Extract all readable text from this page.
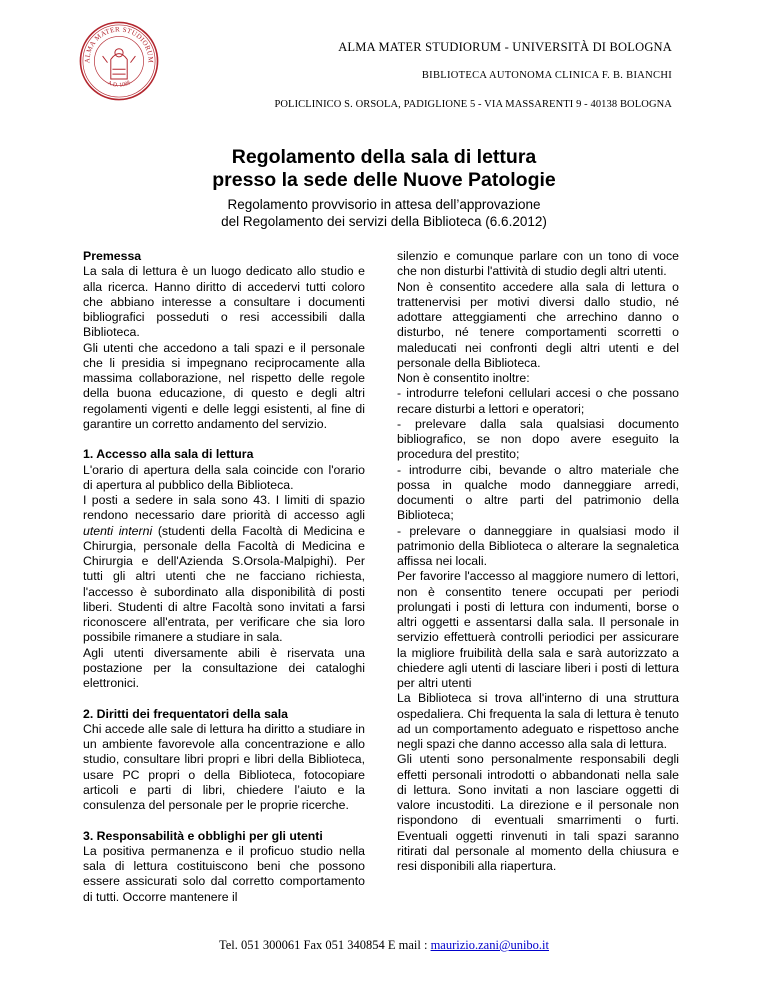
ALMA MATER STUDIORUM
A.D. 1088
ALMA MATER STUDIORUM - UNIVERSITÀ DI BOLOGNA
BIBLIOTECA AUTONOMA CLINICA F. B. BIANCHI
POLICLINICO S. ORSOLA, PADIGLIONE 5 - VIA MASSARENTI 9 - 40138 BOLOGNA
Regolamento della sala di lettura
presso la sede delle Nuove Patologie
Regolamento provvisorio in attesa dell’approvazione
del Regolamento dei servizi della Biblioteca (6.6.2012)

Premessa

La sala di lettura è un luogo dedicato allo studio e alla ricerca. Hanno diritto di accedervi tutti coloro che abbiano interesse a consultare i documenti bibliografici posseduti o resi accessibili dalla Biblioteca.

Gli utenti che accedono a tali spazi e il personale che li presidia si impegnano reciprocamente alla massima collaborazione, nel rispetto delle regole della buona educazione, di questo e degli altri regolamenti vigenti e delle leggi esistenti, al fine di garantire un corretto andamento del servizio.

1. Accesso alla sala di lettura

L'orario di apertura della sala coincide con l'orario di apertura al pubblico della Biblioteca.

I posti a sedere in sala sono 43. I limiti di spazio rendono necessario dare priorità di accesso agli utenti interni (studenti della Facoltà di Medicina e Chirurgia, personale della Facoltà di Medicina e Chirurgia e dell'Azienda S.Orsola-Malpighi). Per tutti gli altri utenti che ne facciano richiesta, l'accesso è subordinato alla disponibilità di posti liberi. Studenti di altre Facoltà sono invitati a farsi riconoscere all'entrata, per verificare che sia loro possibile rimanere a studiare in sala.

Agli utenti diversamente abili è riservata una postazione per la consultazione dei cataloghi elettronici.

2. Diritti dei frequentatori della sala

Chi accede alle sale di lettura ha diritto a studiare in un ambiente favorevole alla concentrazione e allo studio, consultare libri propri e libri della Biblioteca, usare PC propri o della Biblioteca, fotocopiare articoli e parti di libri, chiedere l’aiuto e la consulenza del personale per le proprie ricerche.

3. Responsabilità e obblighi per gli utenti

La positiva permanenza e il proficuo studio nella sala di lettura costituiscono beni che possono essere assicurati solo dal corretto comportamento di tutti. Occorre mantenere il

silenzio e comunque parlare con un tono di voce che non disturbi l'attività di studio degli altri utenti.

Non è consentito accedere alla sala di lettura o trattenervisi per motivi diversi dallo studio, né adottare atteggiamenti che arrechino danno o disturbo, né tenere comportamenti scorretti o maleducati nei confronti degli altri utenti e del personale della Biblioteca.

Non è consentito inoltre:

- introdurre telefoni cellulari accesi o che possano recare disturbi a lettori e operatori;

- prelevare dalla sala qualsiasi documento bibliografico, se non dopo avere eseguito la procedura del prestito;

- introdurre cibi, bevande o altro materiale che possa in qualche modo danneggiare arredi, documenti o altre parti del patrimonio della Biblioteca;

- prelevare o danneggiare in qualsiasi modo il patrimonio della Biblioteca o alterare la segnaletica affissa nei locali.

Per favorire l'accesso al maggiore numero di lettori, non è consentito tenere occupati per periodi prolungati i posti di lettura con indumenti, borse o altri oggetti e assentarsi dalla sala. Il personale in servizio effettuerà controlli periodici per assicurare la migliore fruibilità della sala e sarà autorizzato a chiedere agli utenti di lasciare liberi i posti di lettura per altri utenti

La Biblioteca si trova all'interno di una struttura ospedaliera. Chi frequenta la sala di lettura è tenuto ad un comportamento adeguato e rispettoso anche negli spazi che danno accesso alla sala di lettura.

Gli utenti sono personalmente responsabili degli effetti personali introdotti o abbandonati nella sale di lettura. Sono invitati a non lasciare oggetti di valore incustoditi. La direzione e il personale non rispondono di eventuali smarrimenti o furti. Eventuali oggetti rinvenuti in tali spazi saranno ritirati dal personale al momento della chiusura e resi disponibili alla riapertura.

Tel. 051 300061 Fax 051 340854 E mail : maurizio.zani@unibo.it
